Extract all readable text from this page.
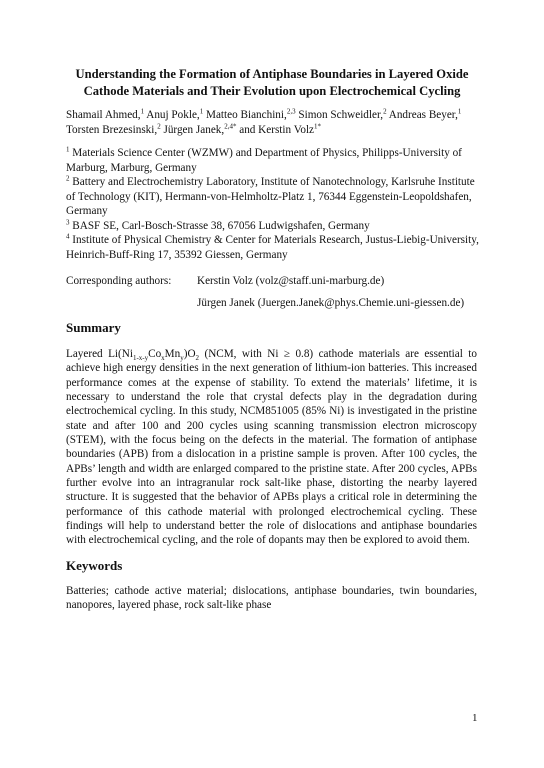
Understanding the Formation of Antiphase Boundaries in Layered Oxide
Cathode Materials and Their Evolution upon Electrochemical Cycling
Shamail Ahmed,$^1$ Anuj Pokle,$^1$ Matteo Bianchini,$^{2,3}$ Simon Schweidler,$^2$ Andreas Beyer,$^1$ Torsten Brezesinski,$^2$ Jürgen Janek,$^{2,4*}$ and Kerstin Volz$^{1*}$
$^1$ Materials Science Center (WZMW) and Department of Physics, Philipps-University of Marburg, Marburg, Germany
$^2$ Battery and Electrochemistry Laboratory, Institute of Nanotechnology, Karlsruhe Institute of Technology (KIT), Hermann-von-Helmholtz-Platz 1, 76344 Eggenstein-Leopoldshafen, Germany
$^3$ BASF SE, Carl-Bosch-Strasse 38, 67056 Ludwigshafen, Germany
$^4$ Institute of Physical Chemistry & Center for Materials Research, Justus-Liebig-University, Heinrich-Buff-Ring 17, 35392 Giessen, Germany
Corresponding authors: Kerstin Volz (volz@staff.uni-marburg.de)
Jürgen Janek (Juergen.Janek@phys.Chemie.uni-giessen.de)
Summary
Layered $Li(Ni_{1-x-y}Co_xMn_y)O_2$ (NCM, with Ni ≥ 0.8) cathode materials are essential to achieve high energy densities in the next generation of lithium-ion batteries. This increased performance comes at the expense of stability. To extend the materials’ lifetime, it is necessary to understand the role that crystal defects play in the degradation during electrochemical cycling. In this study, NCM851005 (85% Ni) is investigated in the pristine state and after 100 and 200 cycles using scanning transmission electron microscopy (STEM), with the focus being on the defects in the material. The formation of antiphase boundaries (APB) from a dislocation in a pristine sample is proven. After 100 cycles, the APBs’ length and width are enlarged compared to the pristine state. After 200 cycles, APBs further evolve into an intragranular rock salt-like phase, distorting the nearby layered structure. It is suggested that the behavior of APBs plays a critical role in determining the performance of this cathode material with prolonged electrochemical cycling. These findings will help to understand better the role of dislocations and antiphase boundaries with electrochemical cycling, and the role of dopants may then be explored to avoid them.
Keywords
Batteries; cathode active material; dislocations, antiphase boundaries, twin boundaries, nanopores, layered phase, rock salt-like phase
1
